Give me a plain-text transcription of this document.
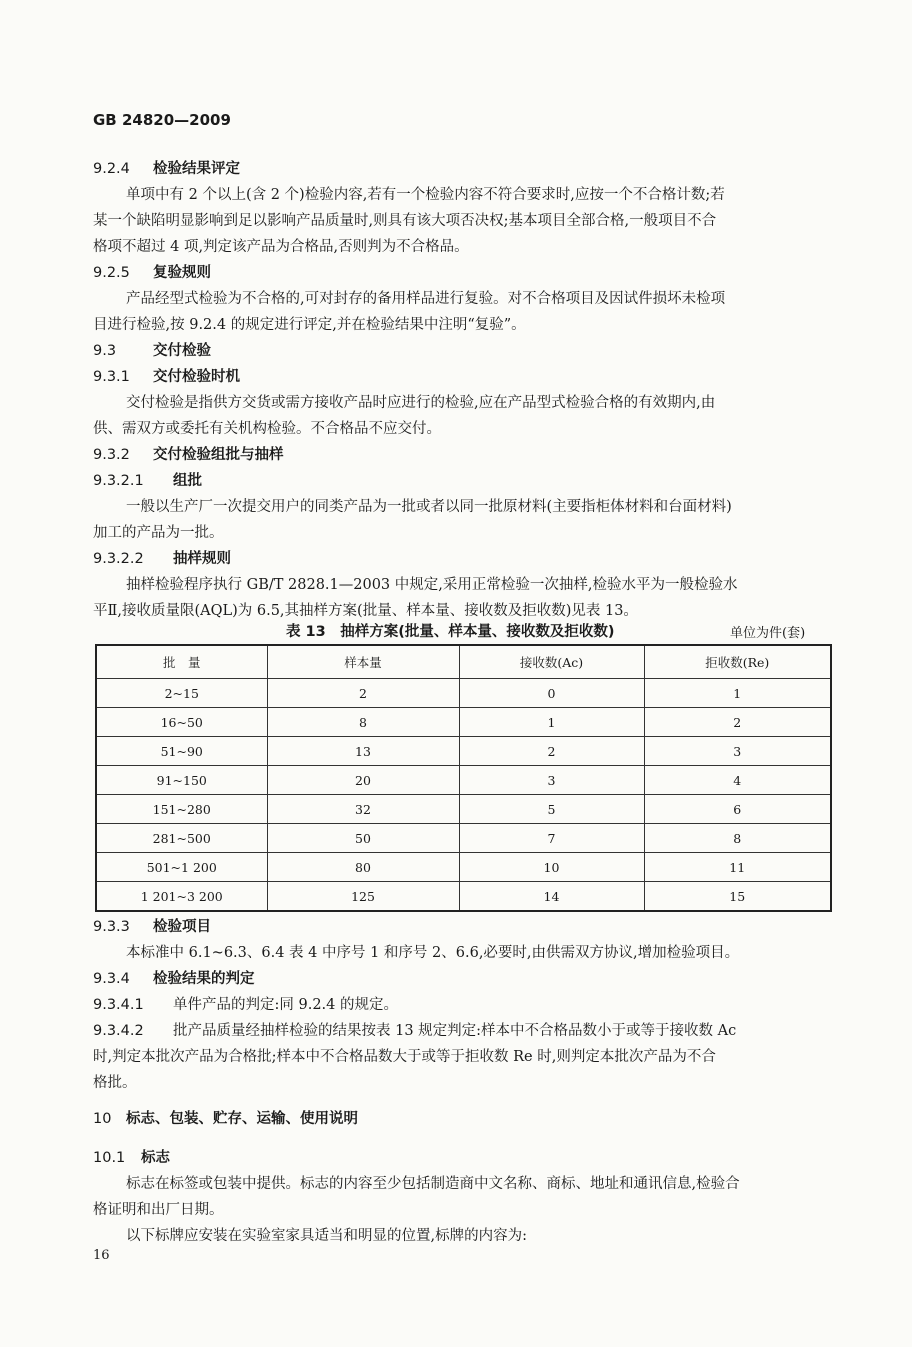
GB 24820—2009
9.2.4 检验结果评定
单项中有 2 个以上(含 2 个)检验内容,若有一个检验内容不符合要求时,应按一个不合格计数;若
某一个缺陷明显影响到足以影响产品质量时,则具有该大项否决权;基本项目全部合格,一般项目不合
格项不超过 4 项,判定该产品为合格品,否则判为不合格品。
9.2.5 复验规则
产品经型式检验为不合格的,可对封存的备用样品进行复验。对不合格项目及因试件损坏未检项
目进行检验,按 9.2.4 的规定进行评定,并在检验结果中注明“复验”。
9.3	交付检验
9.3.1 交付检验时机
交付检验是指供方交货或需方接收产品时应进行的检验,应在产品型式检验合格的有效期内,由
供、需双方或委托有关机构检验。不合格品不应交付。
9.3.2 交付检验组批与抽样
9.3.2.1 组批
一般以生产厂一次提交用户的同类产品为一批或者以同一批原材料(主要指柜体材料和台面材料)
加工的产品为一批。
9.3.2.2 抽样规则
抽样检验程序执行 GB/T 2828.1—2003 中规定,采用正常检验一次抽样,检验水平为一般检验水
平Ⅱ,接收质量限(AQL)为 6.5,其抽样方案(批量、样本量、接收数及拒收数)见表 13。
表 13　抽样方案(批量、样本量、接收数及拒收数)	单位为件(套)
批　量	样本量	接收数(Ac)	拒收数(Re)
2~15	2	0	1
16~50	8	1	2
51~90	13	2	3
91~150	20	3	4
151~280	32	5	6
281~500	50	7	8
501~1 200	80	10	11
1 201~3 200	125	14	15
9.3.3 检验项目
本标准中 6.1~6.3、6.4 表 4 中序号 1 和序号 2、6.6,必要时,由供需双方协议,增加检验项目。
9.3.4 检验结果的判定
9.3.4.1 单件产品的判定:同 9.2.4 的规定。
9.3.4.2 批产品质量经抽样检验的结果按表 13 规定判定:样本中不合格品数小于或等于接收数 Ac
时,判定本批次产品为合格批;样本中不合格品数大于或等于拒收数 Re 时,则判定本批次产品为不合
格批。
10 标志、包装、贮存、运输、使用说明
10.1 标志
标志在标签或包装中提供。标志的内容至少包括制造商中文名称、商标、地址和通讯信息,检验合
格证明和出厂日期。
以下标牌应安装在实验室家具适当和明显的位置,标牌的内容为:
16
